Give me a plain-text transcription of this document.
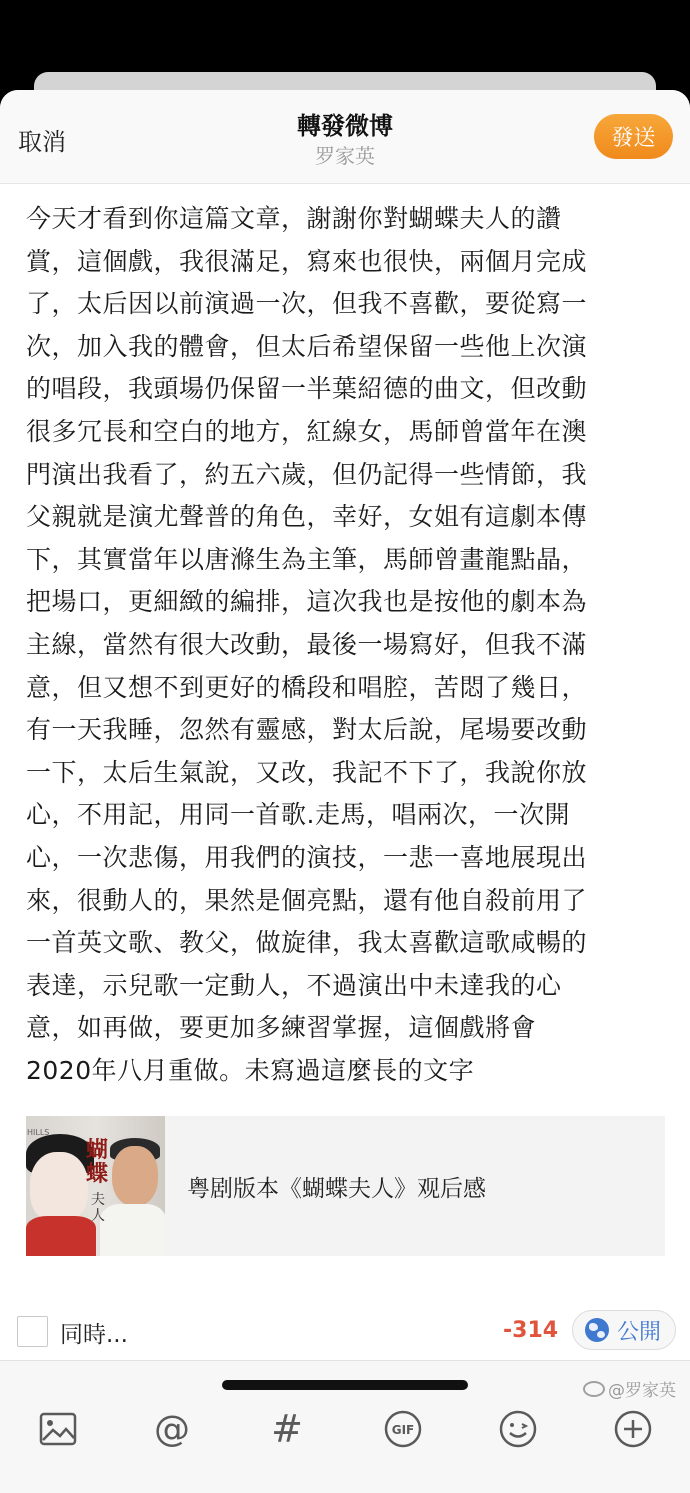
取消
轉發微博
罗家英
發送
今天才看到你這篇文章，謝謝你對蝴蝶夫人的讚
賞，這個戲，我很滿足，寫來也很快，兩個月完成
了，太后因以前演過一次，但我不喜歡，要從寫一
次，加入我的體會，但太后希望保留一些他上次演
的唱段，我頭場仍保留一半葉紹德的曲文，但改動
很多冗長和空白的地方，紅線女，馬師曾當年在澳
門演出我看了，約五六歲，但仍記得一些情節，我
父親就是演尤聲普的角色，幸好，女姐有這劇本傳
下，其實當年以唐滌生為主筆，馬師曾畫龍點晶，
把場口，更細緻的編排，這次我也是按他的劇本為
主線，當然有很大改動，最後一場寫好，但我不滿
意，但又想不到更好的橋段和唱腔，苦悶了幾日，
有一天我睡，忽然有靈感，對太后說，尾場要改動
一下，太后生氣說，又改，我記不下了，我說你放
心，不用記，用同一首歌.走馬，唱兩次，一次開
心，一次悲傷，用我們的演技，一悲一喜地展現出
來，很動人的，果然是個亮點，還有他自殺前用了
一首英文歌、教父，做旋律，我太喜歡這歌咸暢的
表達，示兒歌一定動人，不過演出中未達我的心
意，如再做，要更加多練習掌握，這個戲將會
2020年八月重做。未寫過這麼長的文字
HILLS
蝴蝶
夫人
粤剧版本《蝴蝶夫人》观后感
同時...	-314	公開
@ #	GIF
@罗家英
